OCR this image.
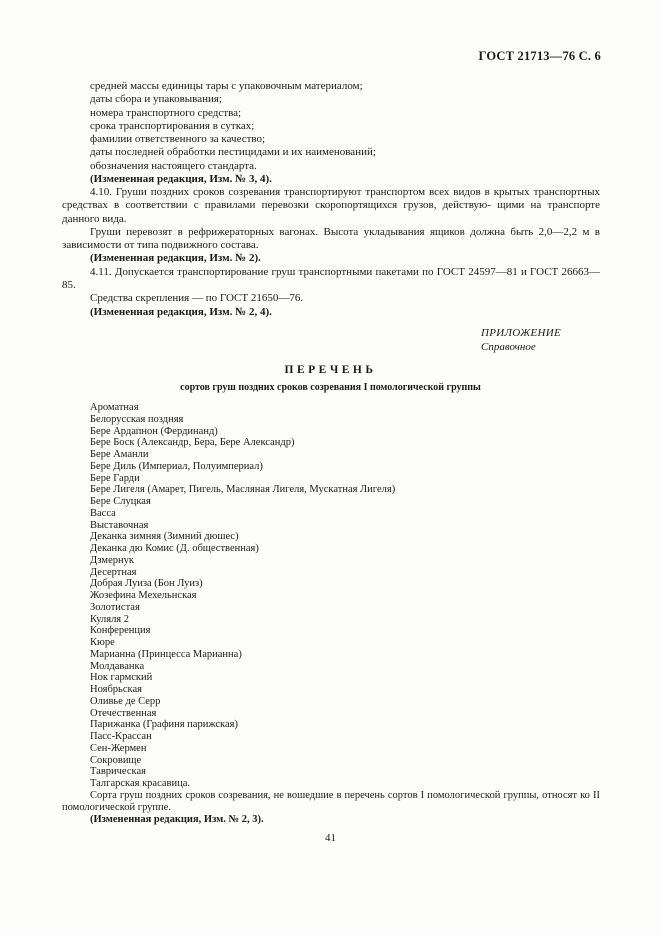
ГОСТ 21713—76 С. 6
средней массы единицы тары с упаковочным материалом;
даты сбора и упаковывания;
номера транспортного средства;
срока транспортирования в сутках;
фамилии ответственного за качество;
даты последней обработки пестицидами и их наименований;
обозначения настоящего стандарта.
(Измененная редакция, Изм. № 3, 4).
4.10. Груши поздних сроков созревания транспортируют транспортом всех видов в крытых транспортных средствах в соответствии с правилами перевозки скоропортящихся грузов, действую- щими на транспорте данного вида.
Груши перевозят в рефрижераторных вагонах. Высота укладывания ящиков должна быть 2,0—2,2 м в зависимости от типа подвижного состава.
(Измененная редакция, Изм. № 2).
4.11. Допускается транспортирование груш транспортными пакетами по ГОСТ 24597—81 и ГОСТ 26663—85.
Средства скрепления — по ГОСТ 21650—76.
(Измененная редакция, Изм. № 2, 4).
ПРИЛОЖЕНИЕ
Справочное
ПЕРЕЧЕНЬ
сортов груш поздних сроков созревания I помологической группы
Ароматная
Белорусская поздняя
Бере Ардапнон (Фердинанд)
Бере Боск (Александр, Бера, Бере Александр)
Бере Аманли
Бере Диль (Империал, Полуимпериал)
Бере Гарди
Бере Лигеля (Амарет, Пигель, Масляная Лигеля, Мускатная Лигеля)
Бере Слуцкая
Васса
Выставочная
Деканка зимняя (Зимний дюшес)
Деканка дю Комис (Д. общественная)
Дзмернук
Десертная
Добрая Луиза (Бон Луиз)
Жозефина Мехельнская
Золотистая
Куляля 2
Конференция
Кюре
Марианна (Принцесса Марианна)
Молдаванка
Нок гармский
Ноябрьская
Оливье де Серр
Отечественная
Парижанка (Графиня парижская)
Пасс-Крассан
Сен-Жермен
Сокровище
Таврическая
Талгарская красавица.
Сорта груш поздних сроков созревания, не вошедшие в перечень сортов I помологической группы, относят ко II помологической группе.
(Измененная редакция, Изм. № 2, 3).
41
